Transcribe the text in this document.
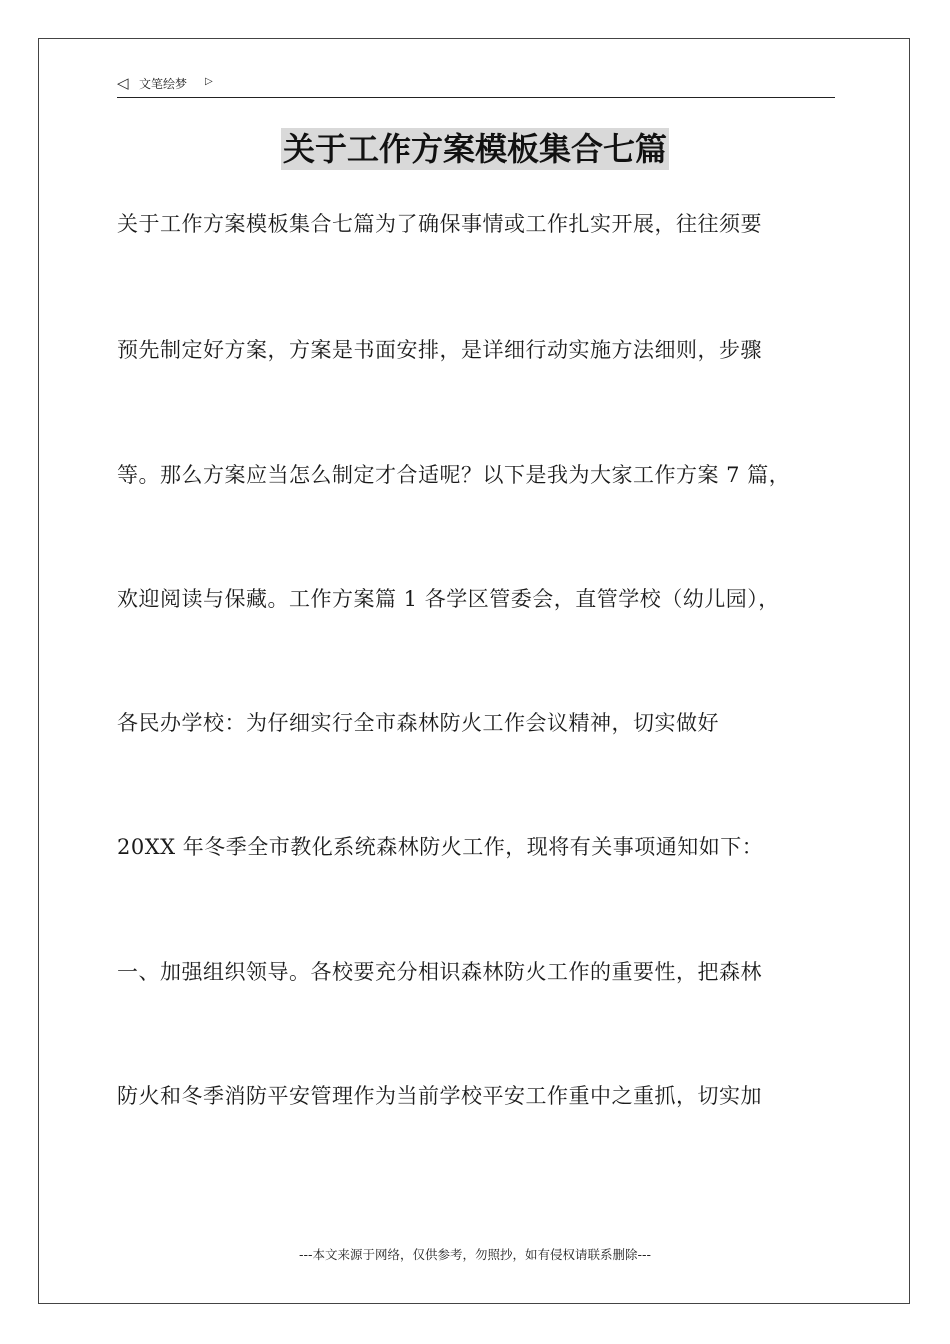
◁ 文笔绘梦 ▷
关于工作方案模板集合七篇
关于工作方案模板集合七篇为了确保事情或工作扎实开展，往往须要
预先制定好方案，方案是书面安排，是详细行动实施方法细则，步骤
等。那么方案应当怎么制定才合适呢？以下是我为大家工作方案 7 篇，
欢迎阅读与保藏。工作方案篇 1 各学区管委会，直管学校（幼儿园），
各民办学校：为仔细实行全市森林防火工作会议精神，切实做好
20XX 年冬季全市教化系统森林防火工作，现将有关事项通知如下：
一、加强组织领导。各校要充分相识森林防火工作的重要性，把森林
防火和冬季消防平安管理作为当前学校平安工作重中之重抓，切实加
---本文来源于网络，仅供参考，勿照抄，如有侵权请联系删除---
